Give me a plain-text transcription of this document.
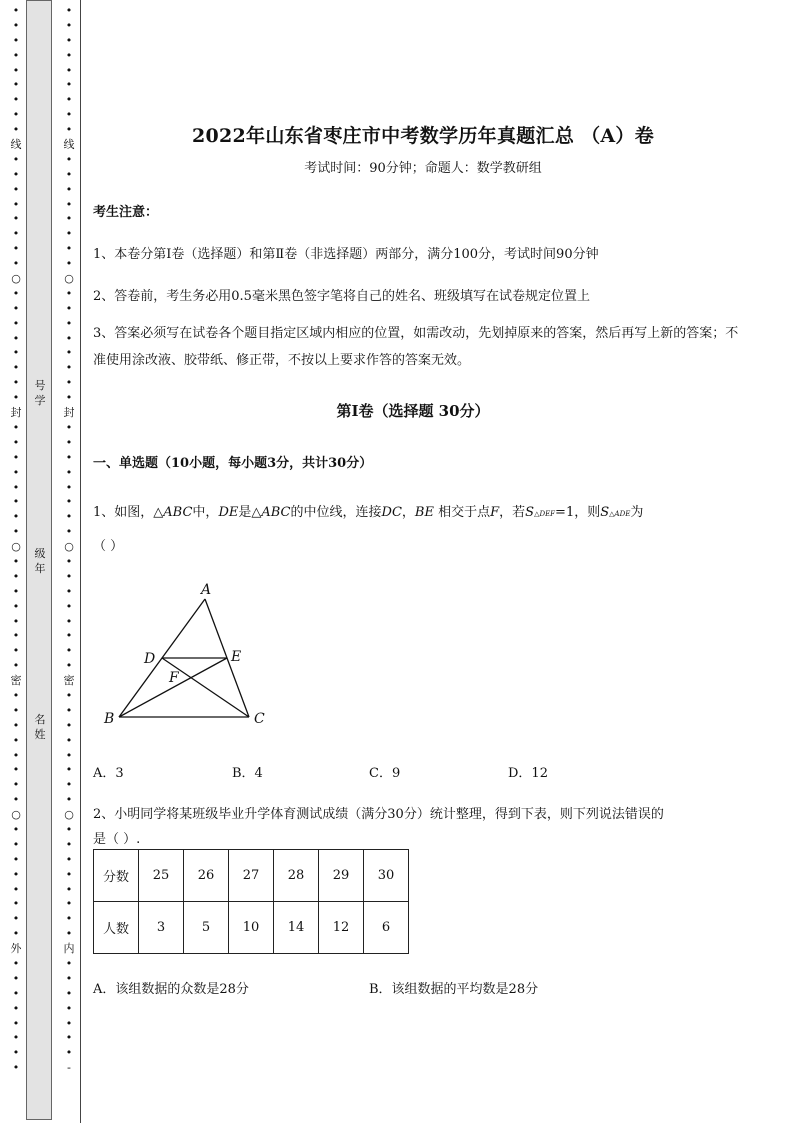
•
•
•
•
•
•
•
•
•
线
•
•
•
•
•
•
•
•
○
•
•
•
•
•
•
•
•
封
•
•
•
•
•
•
•
•
○
•
•
•
•
•
•
•
•
密
•
•
•
•
•
•
•
•
○
•
•
•
•
•
•
•
•
外
•
•
•
•
•
•
•
•
号学
级年
名姓
•
•
•
•
•
•
•
•
•
线
•
•
•
•
•
•
•
•
○
•
•
•
•
•
•
•
•
封
•
•
•
•
•
•
•
•
○
•
•
•
•
•
•
•
•
密
•
•
•
•
•
•
•
•
○
•
•
•
•
•
•
•
•
内
•
•
•
•
•
•
•
-
2022年山东省枣庄市中考数学历年真题汇总 （A）卷
考试时间：90分钟；命题人：数学教研组
考生注意：
1、本卷分第Ⅰ卷（选择题）和第Ⅱ卷（非选择题）两部分，满分100分，考试时间90分钟
2、答卷前，考生务必用0.5毫米黑色签字笔将自己的姓名、班级填写在试卷规定位置上
3、答案必须写在试卷各个题目指定区域内相应的位置，如需改动，先划掉原来的答案，然后再写上新的答案；不准使用涂改液、胶带纸、修正带，不按以上要求作答的答案无效。
第Ⅰ卷（选择题 30分）
一、单选题（10小题，每小题3分，共计30分）
1、如图，△ABC中，DE是△ABC的中位线，连接DC，BE 相交于点F，若S△DEF=1，则S△ADE为
（ ）
A
B	C
D	E
F
A．3	B．4	C．9	D．12
2、小明同学将某班级毕业升学体育测试成绩（满分30分）统计整理，得到下表，则下列说法错误的
是（ ）.
分数	25	26	27	28	29	30
人数	3	5	10	14	12	6
A．该组数据的众数是28分	B．该组数据的平均数是28分
